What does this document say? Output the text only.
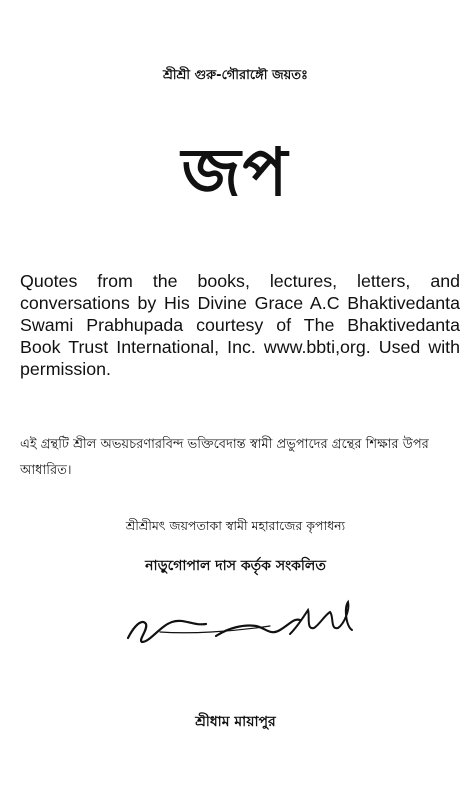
শ্রীশ্রী গুরু-গৌরাঙ্গৌ জয়তঃ
জপ
Quotes from the books, lectures, letters, and conversations by His Divine Grace A.C Bhaktivedanta Swami Prabhupada courtesy of The Bhaktivedanta Book Trust International, Inc. www.bbti,org. Used with permission.
এই গ্রন্থটি শ্রীল অভয়চরণারবিন্দ ভক্তিবেদান্ত স্বামী প্রভুপাদের গ্রন্থের শিক্ষার উপর আধারিত।
শ্রীশ্রীমৎ জয়পতাকা স্বামী মহারাজের কৃপাধন্য
নাড়ুগোপাল দাস কর্তৃক সংকলিত
শ্রীধাম মায়াপুর
